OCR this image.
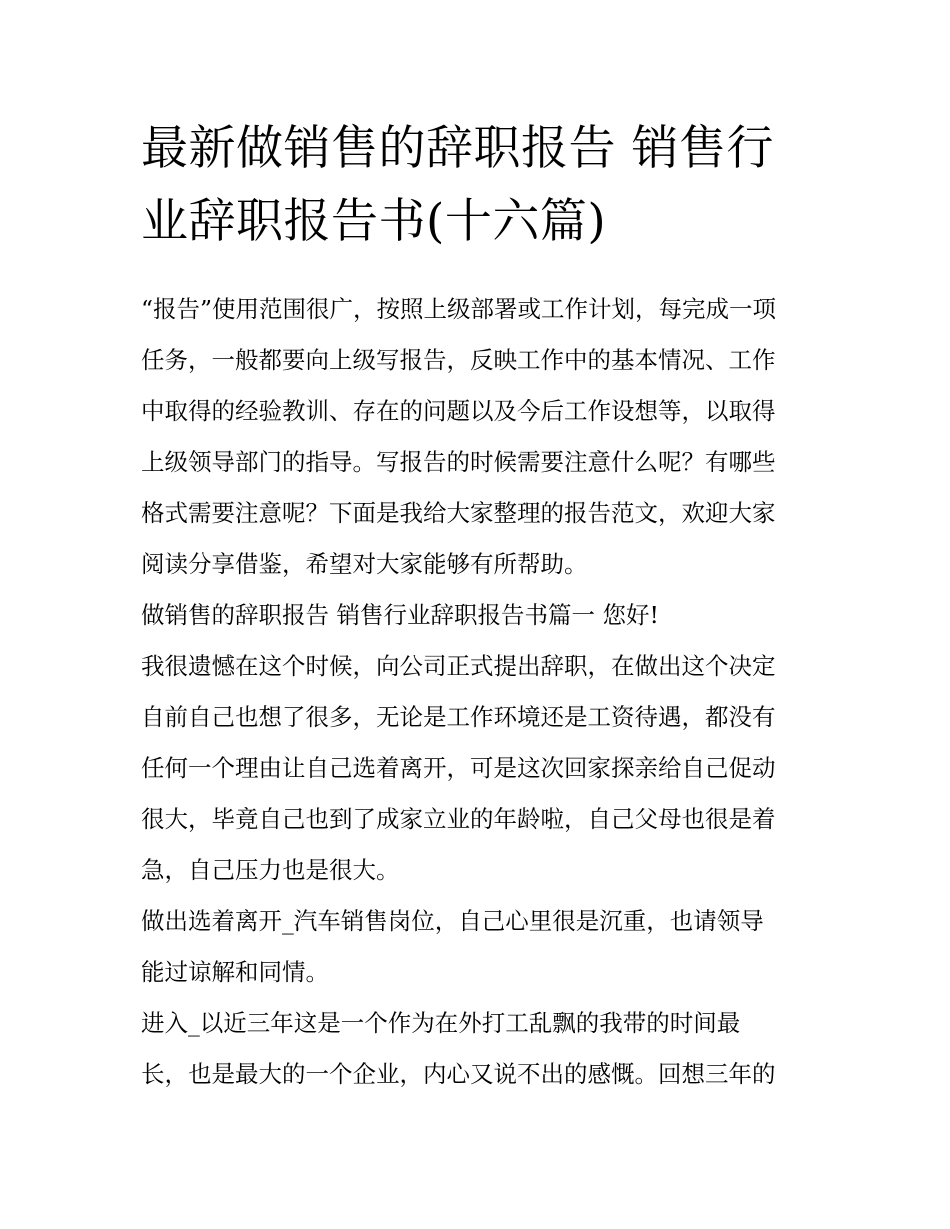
最新做销售的辞职报告 销售行
业辞职报告书(十六篇)
“报告”使用范围很广，按照上级部署或工作计划，每完成一项
任务，一般都要向上级写报告，反映工作中的基本情况、工作
中取得的经验教训、存在的问题以及今后工作设想等，以取得
上级领导部门的指导。写报告的时候需要注意什么呢？有哪些
格式需要注意呢？下面是我给大家整理的报告范文，欢迎大家
阅读分享借鉴，希望对大家能够有所帮助。
做销售的辞职报告 销售行业辞职报告书篇一 您好!
我很遗憾在这个时候，向公司正式提出辞职，在做出这个决定
自前自己也想了很多，无论是工作环境还是工资待遇，都没有
任何一个理由让自己选着离开，可是这次回家探亲给自己促动
很大，毕竟自己也到了成家立业的年龄啦，自己父母也很是着
急，自己压力也是很大。
做出选着离开_汽车销售岗位，自己心里很是沉重，也请领导
能过谅解和同情。
进入_以近三年这是一个作为在外打工乱飘的我带的时间最
长，也是最大的一个企业，内心又说不出的感慨。回想三年的
